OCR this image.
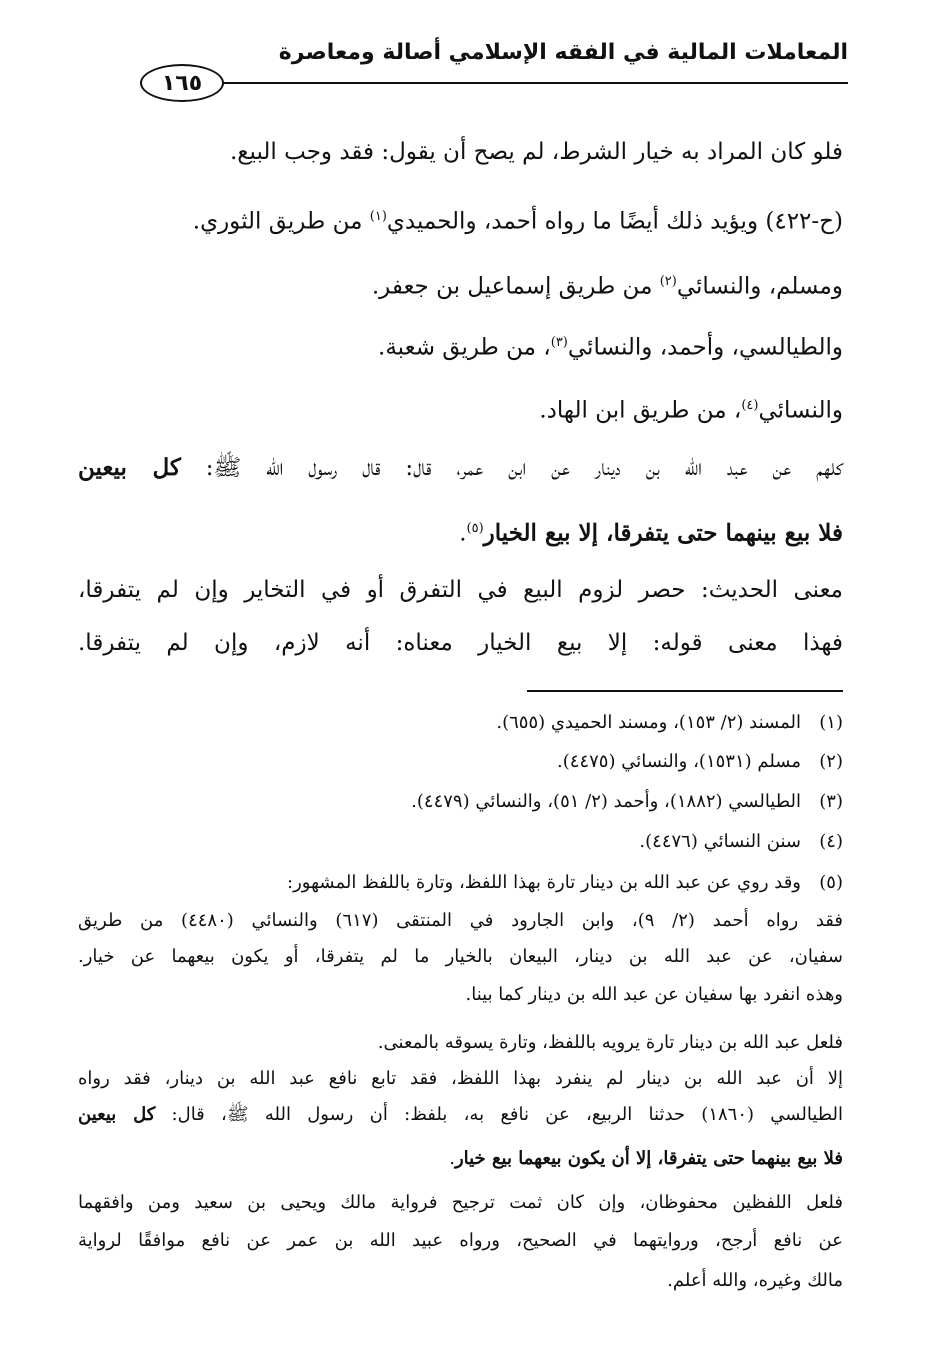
المعاملات المالية في الفقه الإسلامي أصالة ومعاصرة
١٦٥
فلو كان المراد به خيار الشرط، لم يصح أن يقول: فقد وجب البيع.
(ح-٤٢٢) ويؤيد ذلك أيضًا ما رواه أحمد، والحميدي$^{(١)}$ من طريق الثوري.
ومسلم، والنسائي$^{(٢)}$ من طريق إسماعيل بن جعفر.
والطيالسي، وأحمد، والنسائي$^{(٣)}$، من طريق شعبة.
والنسائي$^{(٤)}$، من طريق ابن الهاد.
كلهم عن عبد الله بن دينار عن ابن عمر، قال: قال رسول الله ﷺ: كل بيعين
فلا بيع بينهما حتى يتفرقا، إلا بيع الخيار$^{(٥)}$.
معنى الحديث: حصر لزوم البيع في التفرق أو في التخاير وإن لم يتفرقا،
فهذا معنى قوله: إلا بيع الخيار معناه: أنه لازم، وإن لم يتفرقا.
(١)المسند (٢/ ١٥٣)، ومسند الحميدي (٦٥٥).
(٢)مسلم (١٥٣١)، والنسائي (٤٤٧٥).
(٣)الطيالسي (١٨٨٢)، وأحمد (٢/ ٥١)، والنسائي (٤٤٧٩).
(٤)سنن النسائي (٤٤٧٦).
(٥)وقد روي عن عبد الله بن دينار تارة بهذا اللفظ، وتارة باللفظ المشهور:
فقد رواه أحمد (٢/ ٩)، وابن الجارود في المنتقى (٦١٧) والنسائي (٤٤٨٠) من طريق
سفيان، عن عبد الله بن دينار، البيعان بالخيار ما لم يتفرقا، أو يكون بيعهما عن خيار.
وهذه انفرد بها سفيان عن عبد الله بن دينار كما بينا.
فلعل عبد الله بن دينار تارة يرويه باللفظ، وتارة يسوقه بالمعنى.
إلا أن عبد الله بن دينار لم ينفرد بهذا اللفظ، فقد تابع نافع عبد الله بن دينار، فقد رواه
الطيالسي (١٨٦٠) حدثنا الربيع، عن نافع به، بلفظ: أن رسول الله ﷺ، قال: كل بيعين
فلا بيع بينهما حتى يتفرقا، إلا أن يكون بيعهما بيع خيار.
فلعل اللفظين محفوظان، وإن كان ثمت ترجيح فرواية مالك ويحيى بن سعيد ومن وافقهما
عن نافع أرجح، وروايتهما في الصحيح، ورواه عبيد الله بن عمر عن نافع موافقًا لرواية
مالك وغيره، والله أعلم.
